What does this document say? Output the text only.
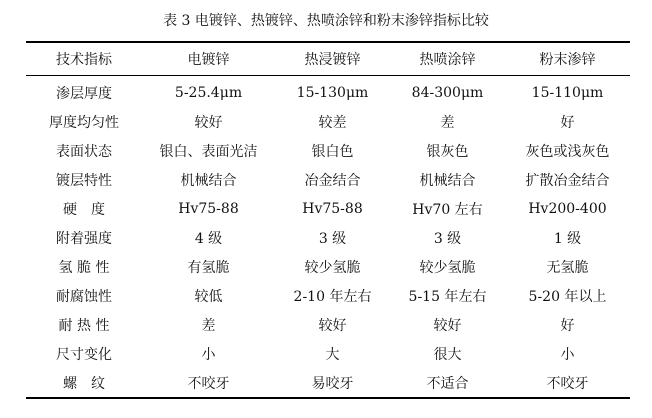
表 3 电镀锌、热镀锌、热喷涂锌和粉末渗锌指标比较
技术指标	电镀锌	热浸镀锌	热喷涂锌	粉末渗锌
渗层厚度	5-25.4μm	15-130μm	84-300μm	15-110μm
厚度均匀性	较好	较差	差	好
表面状态	银白、表面光洁	银白色	银灰色	灰色或浅灰色
镀层特性	机械结合	冶金结合	机械结合	扩散冶金结合
硬　度	Hv75-88	Hv75-88	Hv70 左右	Hv200-400
附着强度	4 级	3 级	3 级	1 级
氢 脆 性	有氢脆	较少氢脆	较少氢脆	无氢脆
耐腐蚀性	较低	2-10 年左右	5-15 年左右	5-20 年以上
耐 热 性	差	较好	较好	好
尺寸变化	小	大	很大	小
螺　纹	不咬牙	易咬牙	不适合	不咬牙
